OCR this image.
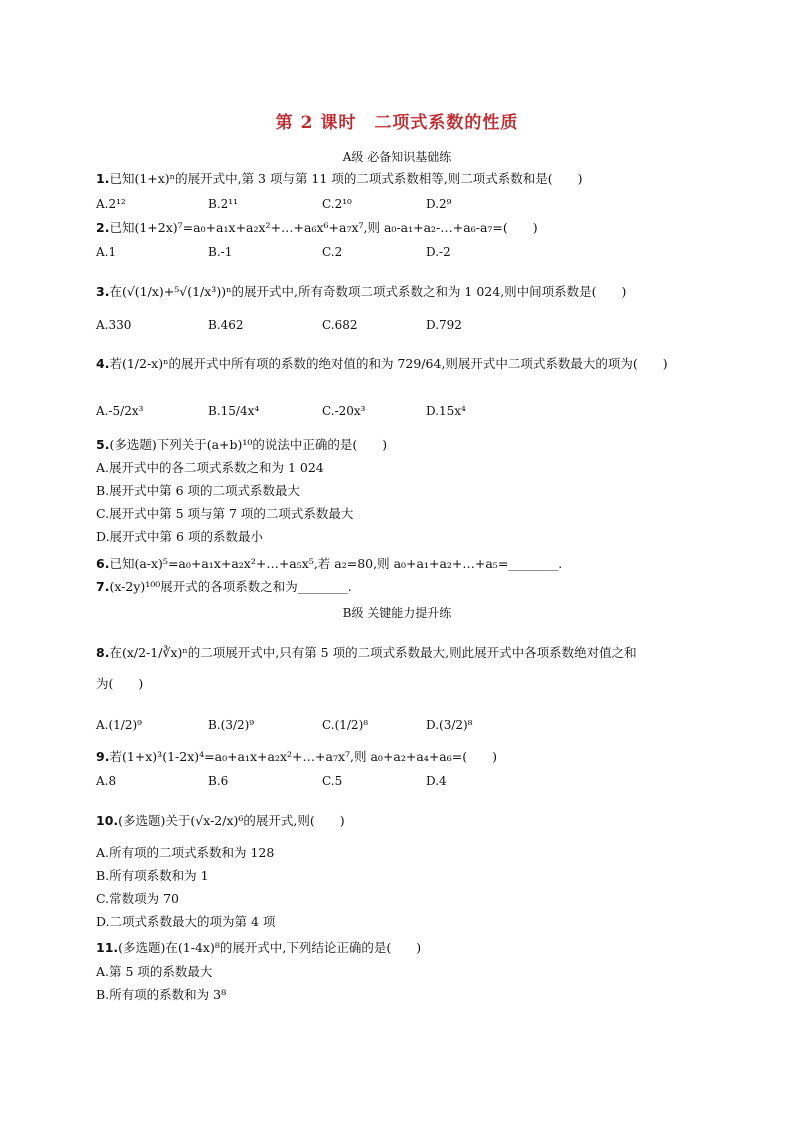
第 2 课时　二项式系数的性质
A级 必备知识基础练
1.已知(1+x)ⁿ的展开式中,第 3 项与第 11 项的二项式系数相等,则二项式系数和是(　　)
A.2¹²	B.2¹¹	C.2¹⁰	D.2⁹
2.已知(1+2x)⁷=a₀+a₁x+a₂x²+…+a₆x⁶+a₇x⁷,则 a₀-a₁+a₂-…+a₆-a₇=(　　)
A.1	B.-1	C.2	D.-2
3.在(√(1/x)+⁵√(1/x³))ⁿ的展开式中,所有奇数项二项式系数之和为 1 024,则中间项系数是(　　)
A.330	B.462	C.682	D.792
4.若(1/2-x)ⁿ的展开式中所有项的系数的绝对值的和为 729/64,则展开式中二项式系数最大的项为(　　)
A.-5/2x³	B.15/4x⁴	C.-20x³	D.15x⁴
5.(多选题)下列关于(a+b)¹⁰的说法中正确的是(　　)
A.展开式中的各二项式系数之和为 1 024
B.展开式中第 6 项的二项式系数最大
C.展开式中第 5 项与第 7 项的二项式系数最大
D.展开式中第 6 项的系数最小
6.已知(a-x)⁵=a₀+a₁x+a₂x²+…+a₅x⁵,若 a₂=80,则 a₀+a₁+a₂+…+a₅=________.
7.(x-2y)¹⁰⁰展开式的各项系数之和为________.
B级 关键能力提升练
8.在(x/2-1/∛x)ⁿ的二项展开式中,只有第 5 项的二项式系数最大,则此展开式中各项系数绝对值之和
为(　　)
A.(1/2)⁹	B.(3/2)⁹	C.(1/2)⁸	D.(3/2)⁸
9.若(1+x)³(1-2x)⁴=a₀+a₁x+a₂x²+…+a₇x⁷,则 a₀+a₂+a₄+a₆=(　　)
A.8	B.6	C.5	D.4
10.(多选题)关于(√x-2/x)⁶的展开式,则(　　)
A.所有项的二项式系数和为 128
B.所有项系数和为 1
C.常数项为 70
D.二项式系数最大的项为第 4 项
11.(多选题)在(1-4x)⁸的展开式中,下列结论正确的是(　　)
A.第 5 项的系数最大
B.所有项的系数和为 3⁸
